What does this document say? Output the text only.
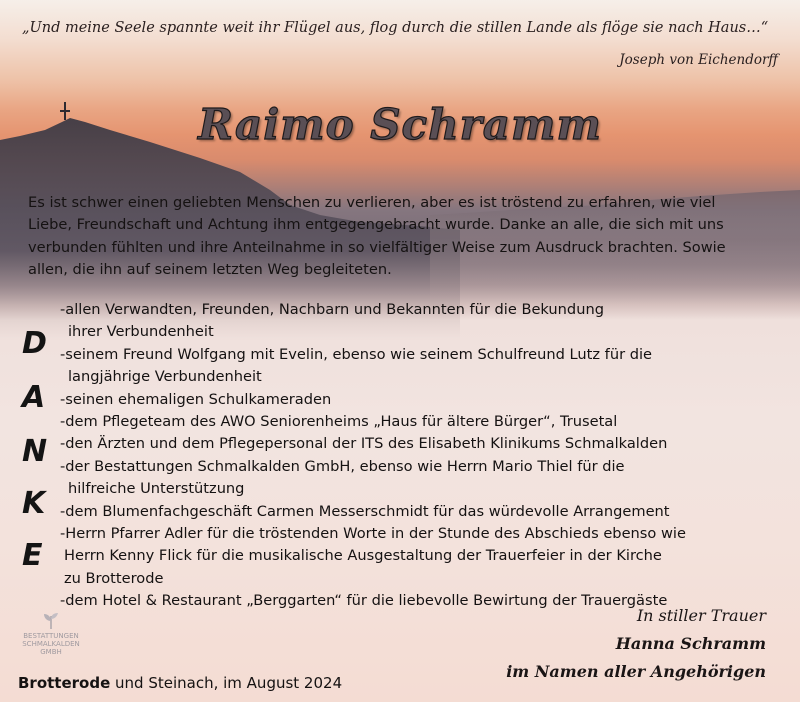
„Und meine Seele spannte weit ihr Flügel aus, flog durch die stillen Lande als flöge sie nach Haus…“
Joseph von Eichendorff
Raimo Schramm
Es ist schwer einen geliebten Menschen zu verlieren, aber es ist tröstend zu erfahren, wie viel
Liebe, Freundschaft und Achtung ihm entgegengebracht wurde. Danke an alle, die sich mit uns
verbunden fühlten und ihre Anteilnahme in so vielfältiger Weise zum Ausdruck brachten. Sowie
allen, die ihn auf seinem letzten Weg begleiteten.
D
A
N
K
E
-allen Verwandten, Freunden, Nachbarn und Bekannten für die Bekundung
ihrer Verbundenheit
-seinem Freund Wolfgang mit Evelin, ebenso wie seinem Schulfreund Lutz für die
langjährige Verbundenheit
-seinen ehemaligen Schulkameraden
-dem Pflegeteam des AWO Seniorenheims „Haus für ältere Bürger“, Trusetal
-den Ärzten und dem Pflegepersonal der ITS des Elisabeth Klinikums Schmalkalden
-der Bestattungen Schmalkalden GmbH, ebenso wie Herrn Mario Thiel für die
hilfreiche Unterstützung
-dem Blumenfachgeschäft Carmen Messerschmidt für das würdevolle Arrangement
-Herrn Pfarrer Adler für die tröstenden Worte in der Stunde des Abschieds ebenso wie
Herrn Kenny Flick für die musikalische Ausgestaltung der Trauerfeier in der Kirche
zu Brotterode
-dem Hotel & Restaurant „Berggarten“ für die liebevolle Bewirtung der Trauergäste
In stiller Trauer
Hanna Schramm
im Namen aller Angehörigen
BESTATTUNGEN
SCHMALKALDEN
GMBH
Brotterode und Steinach, im August 2024
